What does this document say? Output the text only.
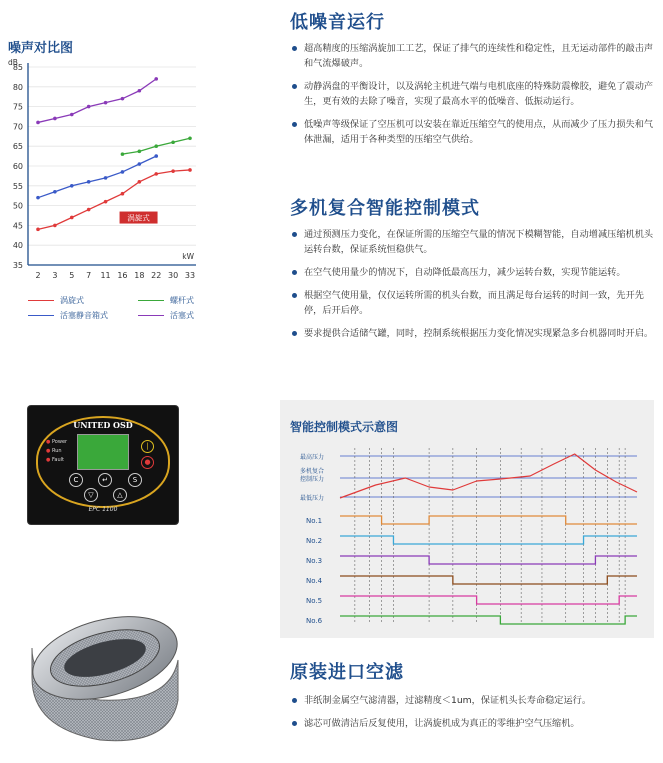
噪声对比图
35
40
45
50
55
60
65
70
75
80
85
dB
kW
2 3 5 7 11 16 18 22 30 33
涡旋式
涡旋式	螺杆式
活塞静音箱式	活塞式
UNITED OSD
● Power
● Run
● Fault
|
●
C	↵	S
▽	△
EPC 1100
低噪音运行
超高精度的压缩涡旋加工工艺，保证了排气的连续性和稳定性，且无运动部件的敲击声和气流爆破声。
动静涡盘的平衡设计，以及涡轮主机进气端与电机底座的特殊防震橡胶，避免了震动产生，更有效的去除了噪音，实现了最高水平的低噪音、低振动运行。
低噪声等级保证了空压机可以安装在靠近压缩空气的使用点，从而减少了压力损失和气体泄漏，适用于各种类型的压缩空气供给。
多机复合智能控制模式
通过预测压力变化，在保证所需的压缩空气量的情况下模糊智能，自动增减压缩机机头运转台数，保证系统恒稳供气。
在空气使用量少的情况下，自动降低最高压力，减少运转台数，实现节能运转。
根据空气使用量，仅仅运转所需的机头台数，而且满足每台运转的时间一致，先开先停，后开后停。
要求提供合适储气罐，同时，控制系统根据压力变化情况实现紧急多台机器同时开启。
智能控制模式示意图
最高压力
多机复合
控制压力
最低压力
No.1
No.2
No.3
No.4
No.5
No.6
原装进口空滤
非纸制金属空气滤清器，过滤精度＜1um，保证机头长寿命稳定运行。
滤芯可做清洁后反复使用，让涡旋机成为真正的零维护空气压缩机。
